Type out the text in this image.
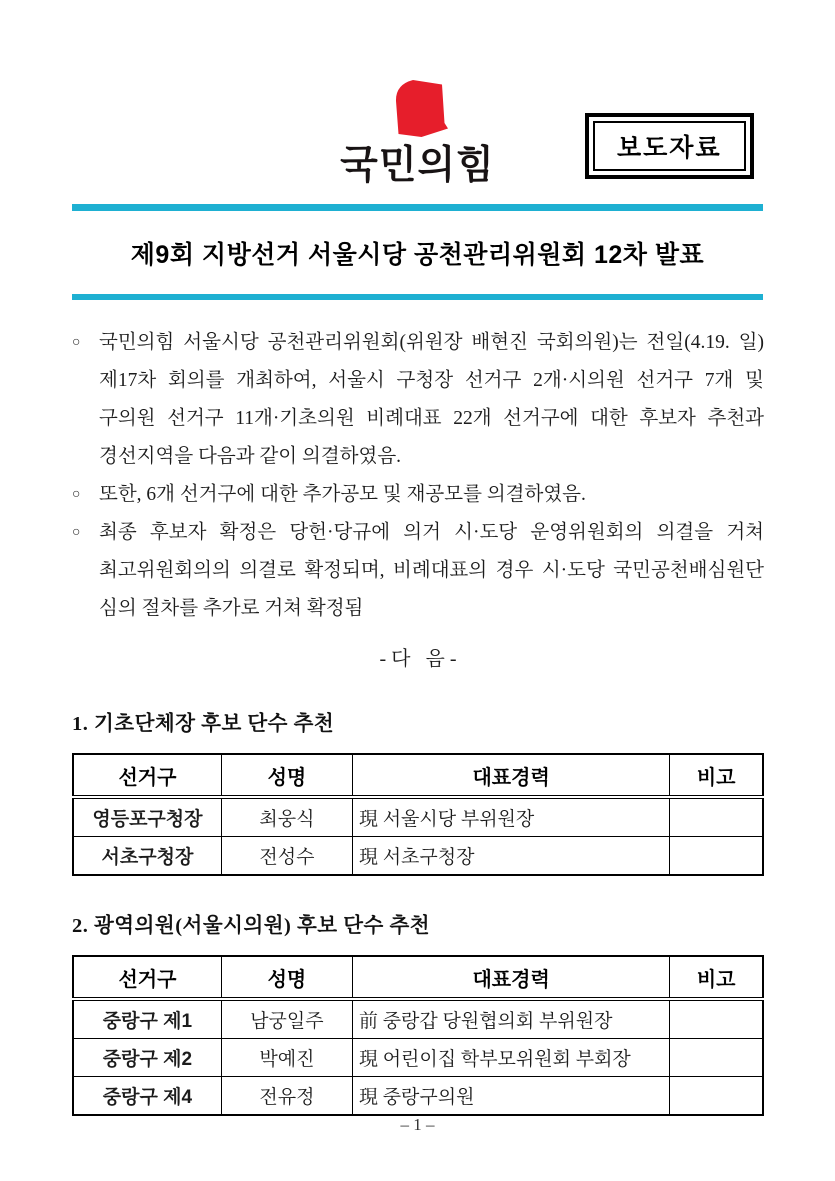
국민의힘	보도자료
제9회 지방선거 서울시당 공천관리위원회 12차 발표
○ 국민의힘 서울시당 공천관리위원회(위원장 배현진 국회의원)는 전일(4.19. 일)
제17차 회의를 개최하여, 서울시 구청장 선거구 2개·시의원 선거구 7개 및
구의원 선거구 11개·기초의원 비례대표 22개 선거구에 대한 후보자 추천과
경선지역을 다음과 같이 의결하였음.
○ 또한, 6개 선거구에 대한 추가공모 및 재공모를 의결하였음.
○ 최종 후보자 확정은 당헌·당규에 의거 시·도당 운영위원회의 의결을 거쳐
최고위원회의의 의결로 확정되며, 비례대표의 경우 시·도당 국민공천배심원단
심의 절차를 추가로 거쳐 확정됨
- 다   음 -
1. 기초단체장 후보 단수 추천
선거구	성명	대표경력	비고
영등포구청장	최웅식	現 서울시당 부위원장	
서초구청장	전성수	現 서초구청장	
2. 광역의원(서울시의원) 후보 단수 추천
선거구	성명	대표경력	비고
중랑구 제1	남궁일주	前 중랑갑 당원협의회 부위원장	
중랑구 제2	박예진	現 어린이집 학부모위원회 부회장	
중랑구 제4	전유정	現 중랑구의원	
– 1 –
